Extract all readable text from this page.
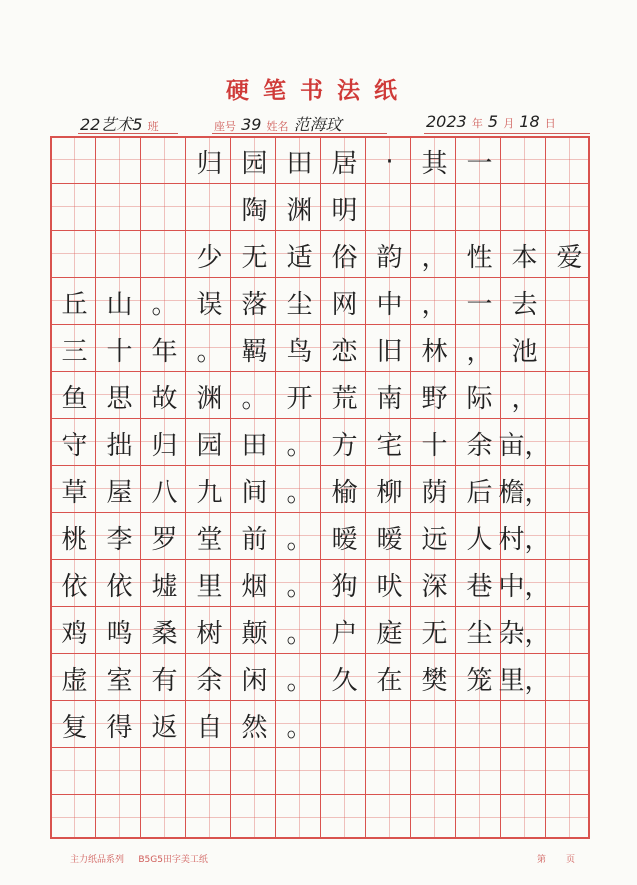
硬笔书法纸
22艺术5 班	座号 39 姓名 范海玟	2023 年 5 月 18 日
归 园 田 居	·	其 一
陶 渊 明
少 无 适 俗 韵 ， 性 本 爱
丘 山 。 误 落 尘 网 中 ， 一 去
三 十 年 。 羁 鸟 恋 旧 林 ， 池
鱼 思 故 渊 。 开 荒 南 野 际 ，
守 拙 归 园 田 。 方 宅 十 余 亩，
草 屋 八 九 间 。 榆 柳 荫 后 檐，
桃 李 罗 堂 前 。 暧 暧 远 人 村，
依 依 墟 里 烟 。 狗 吠 深 巷 中，
鸡 鸣 桑 树 颠 。 户 庭 无 尘 杂，
虚 室 有 余 闲 。 久 在 樊 笼 里，
复 得 返 自 然 。
主力纸品系列 B5G5田字美工纸	第 页
